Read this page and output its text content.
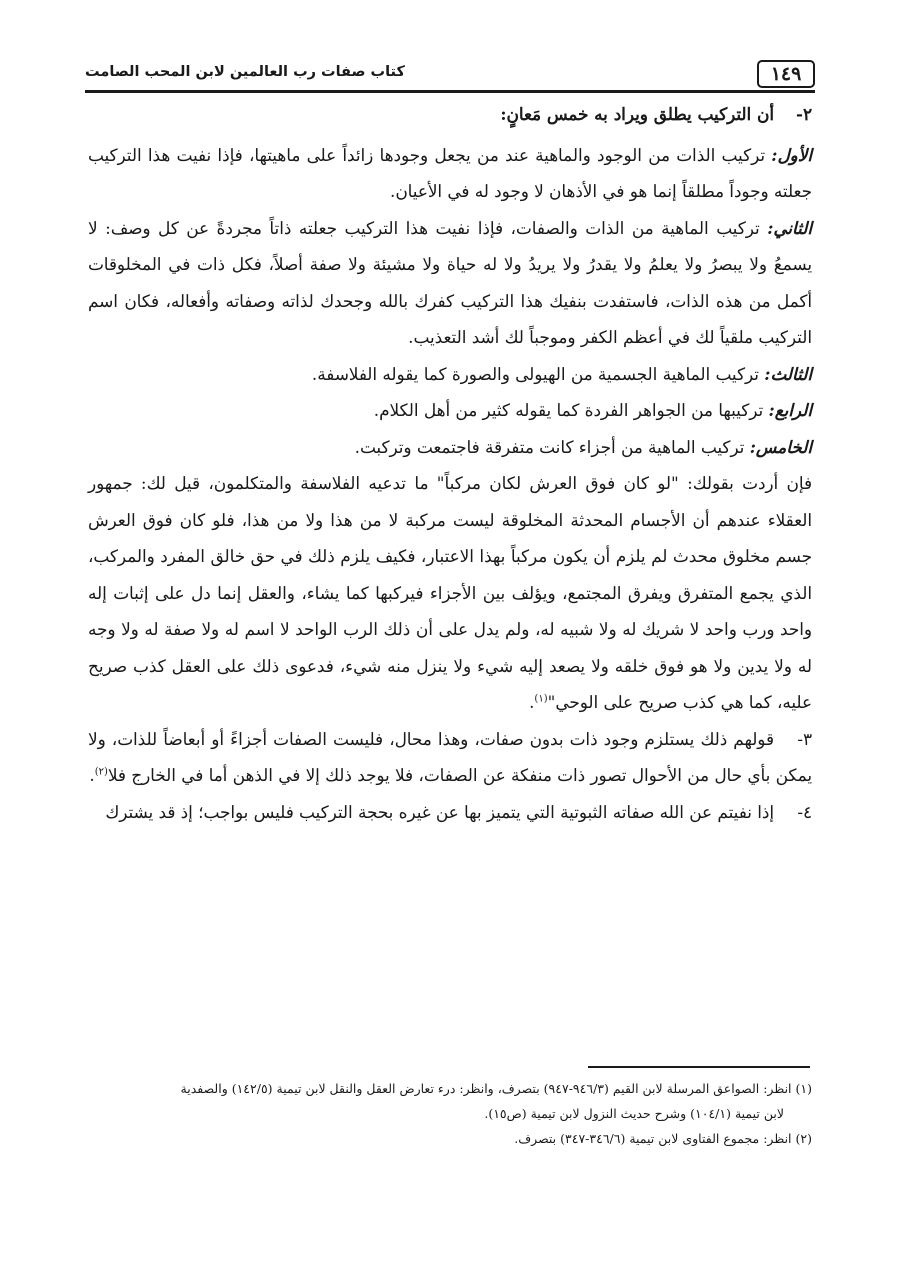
١٤٩
كتاب صفات رب العالمين لابن المحب الصامت

٢-أن التركيب يطلق ويراد به خمس مَعانٍ:

الأول: تركيب الذات من الوجود والماهية عند من يجعل وجودها زائداً على ماهيتها، فإذا نفيت هذا التركيب جعلته وجوداً مطلقاً إنما هو في الأذهان لا وجود له في الأعيان.

الثاني: تركيب الماهية من الذات والصفات، فإذا نفيت هذا التركيب جعلته ذاتاً مجردةً عن كل وصف: لا يسمعُ ولا يبصرُ ولا يعلمُ ولا يقدرُ ولا يريدُ ولا له حياة ولا مشيئة ولا صفة أصلاً، فكل ذات في المخلوقات أكمل من هذه الذات، فاستفدت بنفيك هذا التركيب كفرك بالله وجحدك لذاته وصفاته وأفعاله، فكان اسم التركيب ملقياً لك في أعظم الكفر وموجباً لك أشد التعذيب.

الثالث: تركيب الماهية الجسمية من الهيولى والصورة كما يقوله الفلاسفة.

الرابع: تركيبها من الجواهر الفردة كما يقوله كثير من أهل الكلام.

الخامس: تركيب الماهية من أجزاء كانت متفرقة فاجتمعت وتركبت.

فإن أردت بقولك: "لو كان فوق العرش لكان مركباً" ما تدعيه الفلاسفة والمتكلمون، قيل لك: جمهور العقلاء عندهم أن الأجسام المحدثة المخلوقة ليست مركبة لا من هذا ولا من هذا، فلو كان فوق العرش جسم مخلوق محدث لم يلزم أن يكون مركباً بهذا الاعتبار، فكيف يلزم ذلك في حق خالق المفرد والمركب، الذي يجمع المتفرق ويفرق المجتمع، ويؤلف بين الأجزاء فيركبها كما يشاء، والعقل إنما دل على إثبات إله واحد ورب واحد لا شريك له ولا شبيه له، ولم يدل على أن ذلك الرب الواحد لا اسم له ولا صفة له ولا وجه له ولا يدين ولا هو فوق خلقه ولا يصعد إليه شيء ولا ينزل منه شيء، فدعوى ذلك على العقل كذب صريح عليه، كما هي كذب صريح على الوحي"$^{(١)}$.

٣-قولهم ذلك يستلزم وجود ذات بدون صفات، وهذا محال، فليست الصفات أجزاءً أو أبعاضاً للذات، ولا يمكن بأي حال من الأحوال تصور ذات منفكة عن الصفات، فلا يوجد ذلك إلا في الذهن أما في الخارج فلا$^{(٢)}$.

٤-إذا نفيتم عن الله صفاته الثبوتية التي يتميز بها عن غيره بحجة التركيب فليس بواجب؛ إذ قد يشترك

(١) انظر: الصواعق المرسلة لابن القيم (٩٤٦/٣-٩٤٧) بتصرف، وانظر: درء تعارض العقل والنقل لابن تيمية (١٤٢/٥) والصفدية

لابن تيمية (١٠٤/١) وشرح حديث النزول لابن تيمية (ص١٥).

(٢) انظر: مجموع الفتاوى لابن تيمية (٣٤٦/٦-٣٤٧) بتصرف.
